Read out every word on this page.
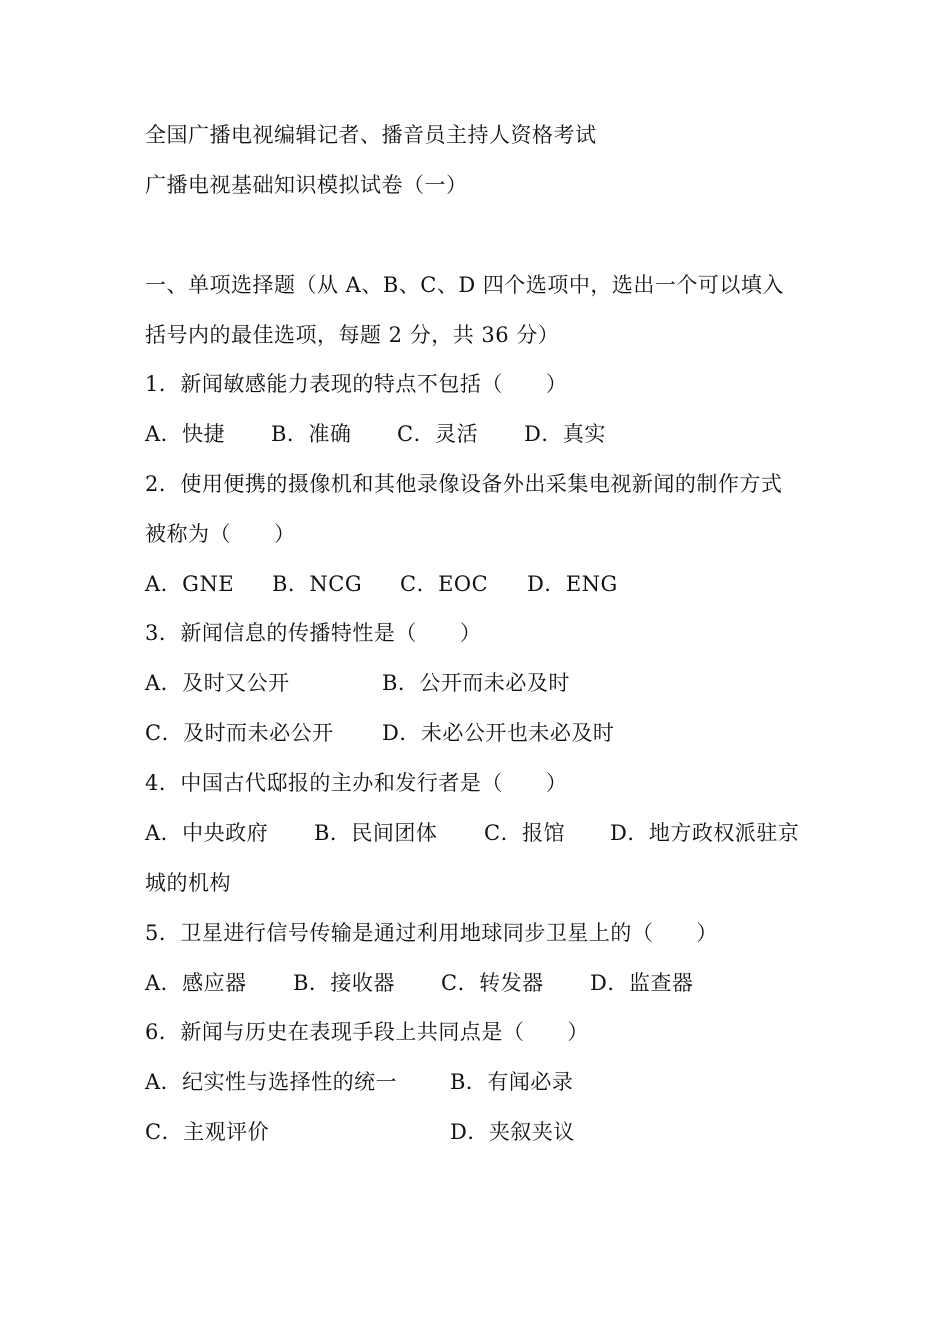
全国广播电视编辑记者、播音员主持人资格考试
广播电视基础知识模拟试卷（一）
一、单项选择题（从 A、B、C、D 四个选项中，选出一个可以填入
括号内的最佳选项，每题 2 分，共 36 分）
1．新闻敏感能力表现的特点不包括（　　）
A．快捷 B．准确 C．灵活 D．真实
2．使用便携的摄像机和其他录像设备外出采集电视新闻的制作方式
被称为（　　）
A．GNE B．NCG C．EOC D．ENG
3．新闻信息的传播特性是（　　）
A．及时又公开	B．公开而未必及时
C．及时而未必公开 D．未必公开也未必及时
4．中国古代邸报的主办和发行者是（　　）
A．中央政府 B．民间团体 C．报馆 D．地方政权派驻京
城的机构
5．卫星进行信号传输是通过利用地球同步卫星上的（　　）
A．感应器 B．接收器 C．转发器 D．监查器
6．新闻与历史在表现手段上共同点是（　　）
A．纪实性与选择性的统一	B．有闻必录
C．主观评价	D．夹叙夹议
